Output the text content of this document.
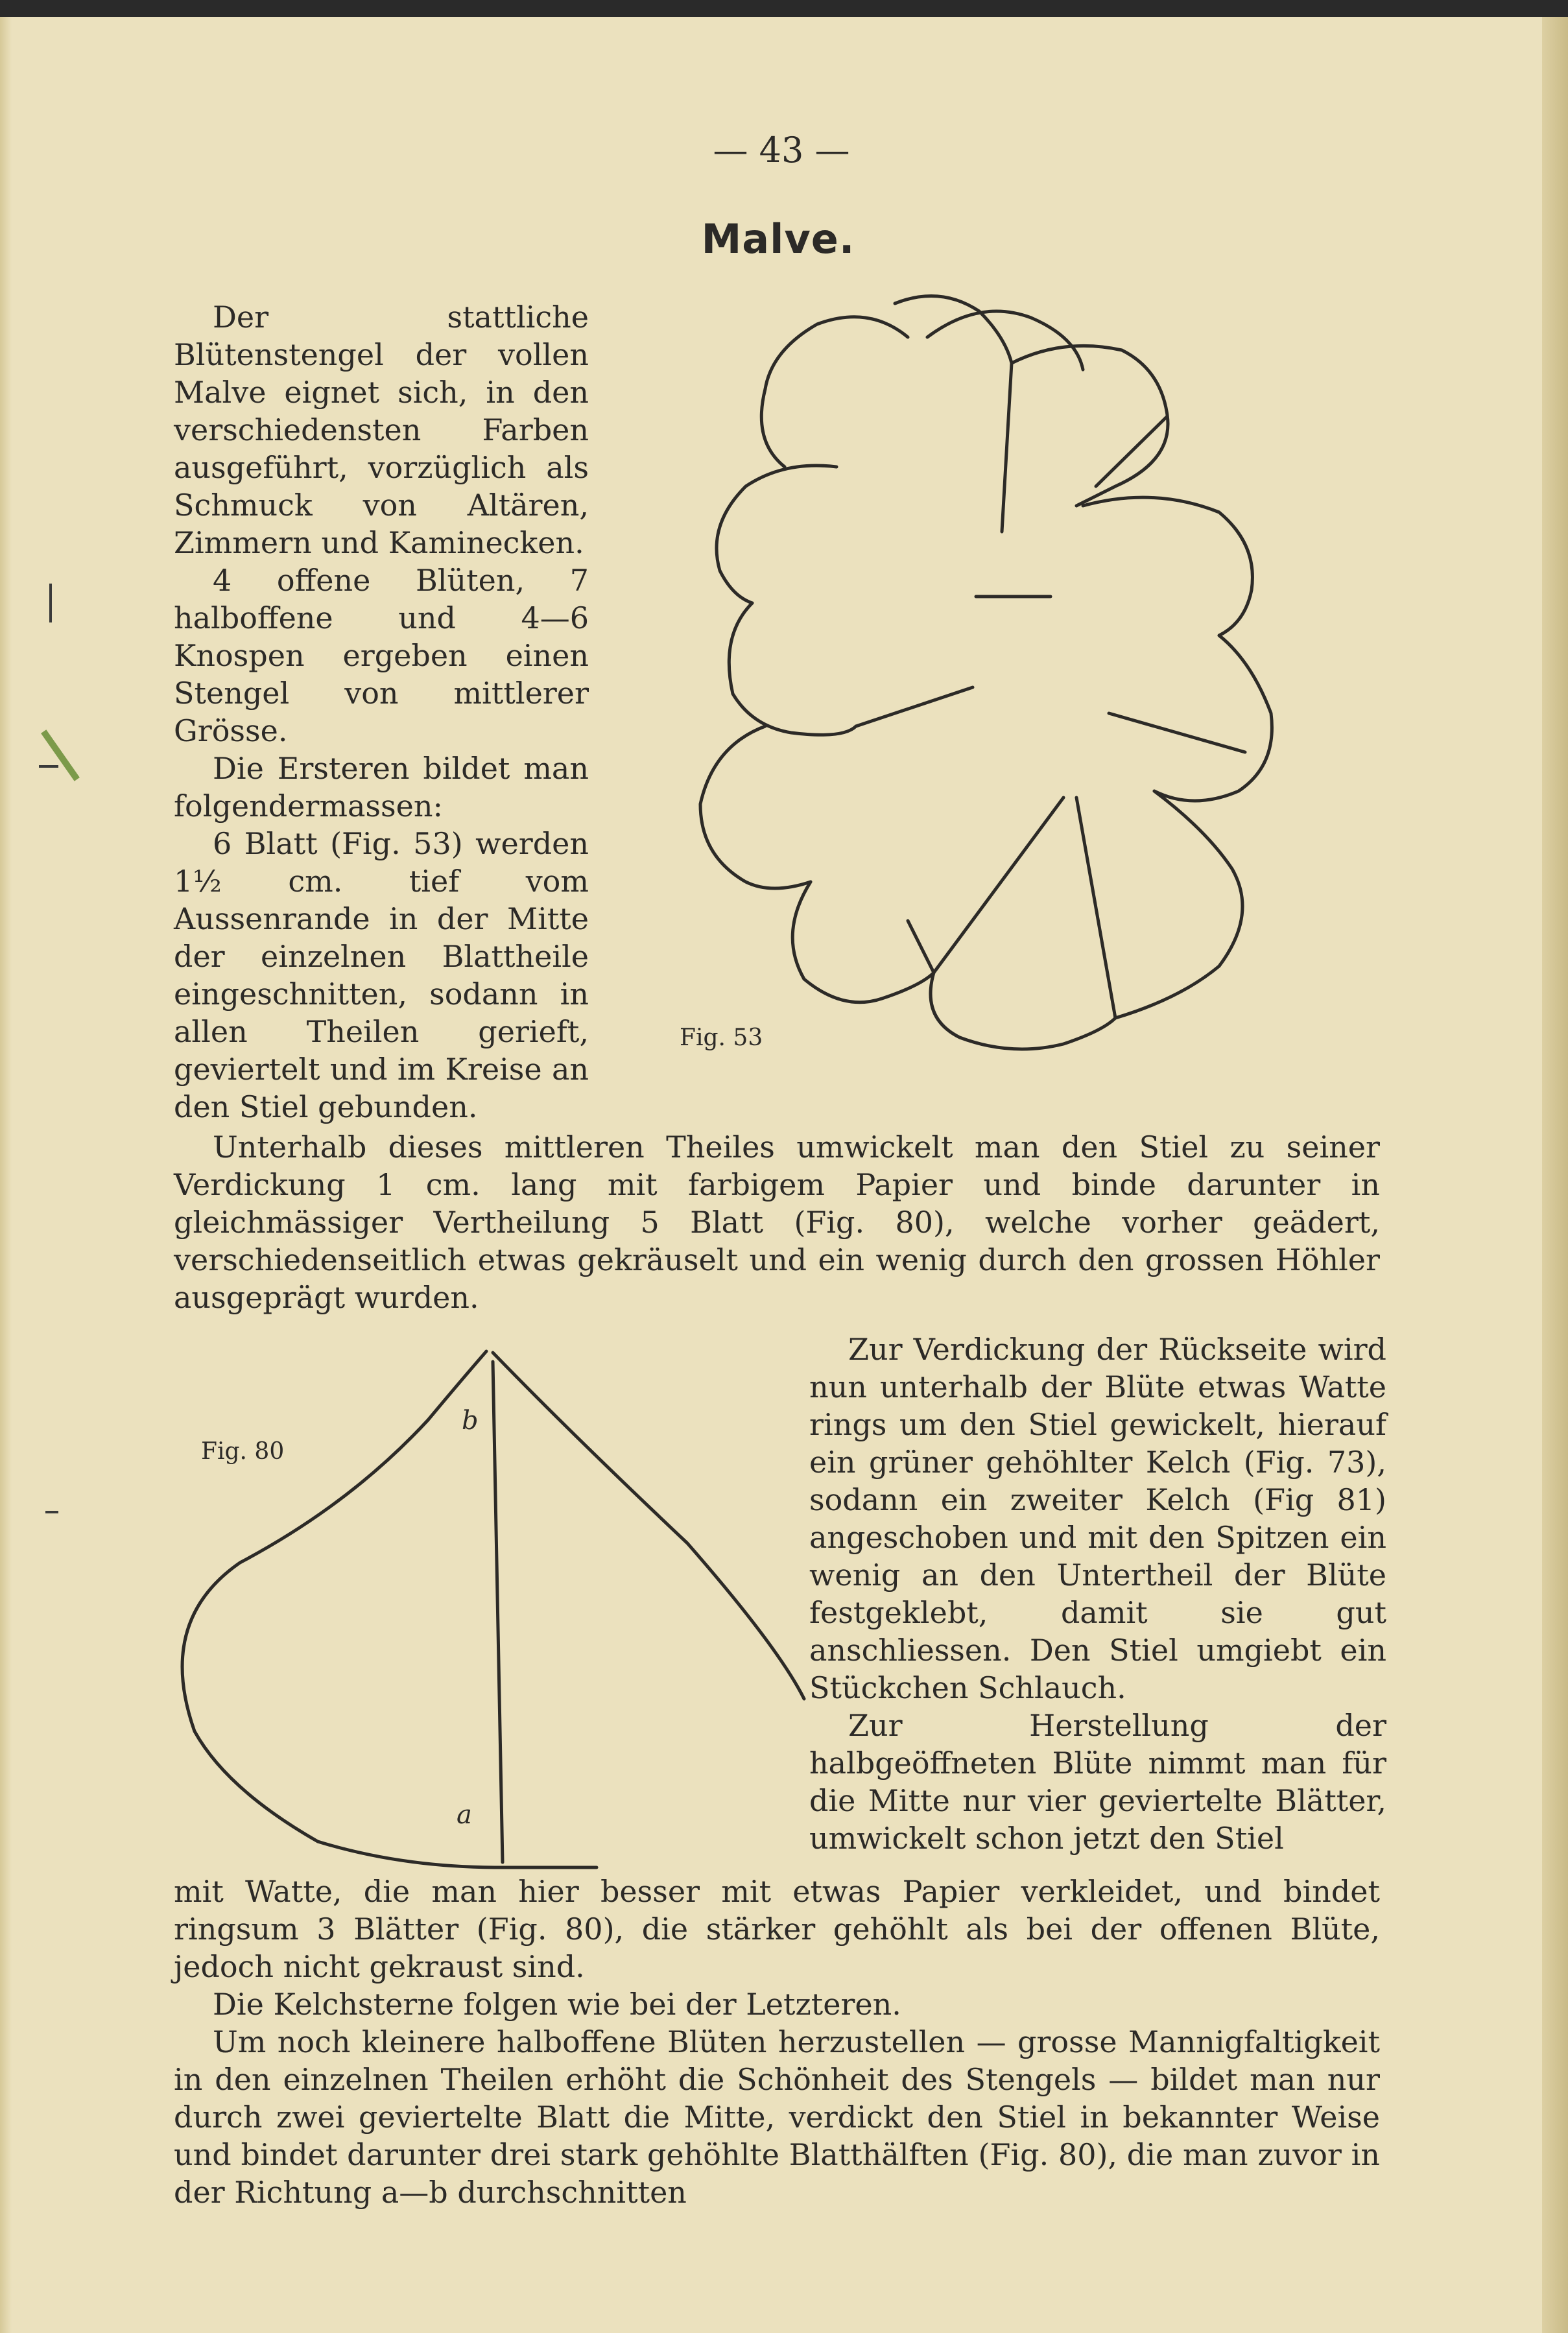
— 43 —
Malve.

Der stattliche Blütenstengel der vollen Malve eignet sich, in den verschiedensten Farben ausgeführt, vorzüglich als Schmuck von Altären, Zimmern und Kaminecken.

4 offene Blüten, 7 halboffene und 4—6 Knospen ergeben einen Stengel von mittlerer Grösse.

Die Ersteren bildet man folgendermassen:

6 Blatt (Fig. 53) werden 1½ cm. tief vom Aussenrande in der Mitte der einzelnen Blattheile eingeschnitten, sodann in allen Theilen gerieft, geviertelt und im Kreise an den Stiel gebunden.

Fig. 53

Unterhalb dieses mittleren Theiles umwickelt man den Stiel zu seiner Verdickung 1 cm. lang mit farbigem Papier und binde darunter in gleichmässiger Vertheilung 5 Blatt (Fig. 80), welche vorher geädert, verschiedenseitlich etwas gekräuselt und ein wenig durch den grossen Höhler ausgeprägt wurden.

Fig. 80
b
a

Zur Verdickung der Rückseite wird nun unterhalb der Blüte etwas Watte rings um den Stiel gewickelt, hierauf ein grüner gehöhlter Kelch (Fig. 73), sodann ein zweiter Kelch (Fig 81) angeschoben und mit den Spitzen ein wenig an den Untertheil der Blüte festgeklebt, damit sie gut anschliessen. Den Stiel umgiebt ein Stückchen Schlauch.

Zur Herstellung der halbgeöffneten Blüte nimmt man für die Mitte nur vier geviertelte Blätter, umwickelt schon jetzt den Stiel

mit Watte, die man hier besser mit etwas Papier verkleidet, und bindet ringsum 3 Blätter (Fig. 80), die stärker gehöhlt als bei der offenen Blüte, jedoch nicht gekraust sind.

Die Kelchsterne folgen wie bei der Letzteren.

Um noch kleinere halboffene Blüten herzustellen — grosse Mannigfaltigkeit in den einzelnen Theilen erhöht die Schönheit des Stengels — bildet man nur durch zwei geviertelte Blatt die Mitte, verdickt den Stiel in bekannter Weise und bindet darunter drei stark gehöhlte Blatthälften (Fig. 80), die man zuvor in der Richtung a—b durchschnitten
